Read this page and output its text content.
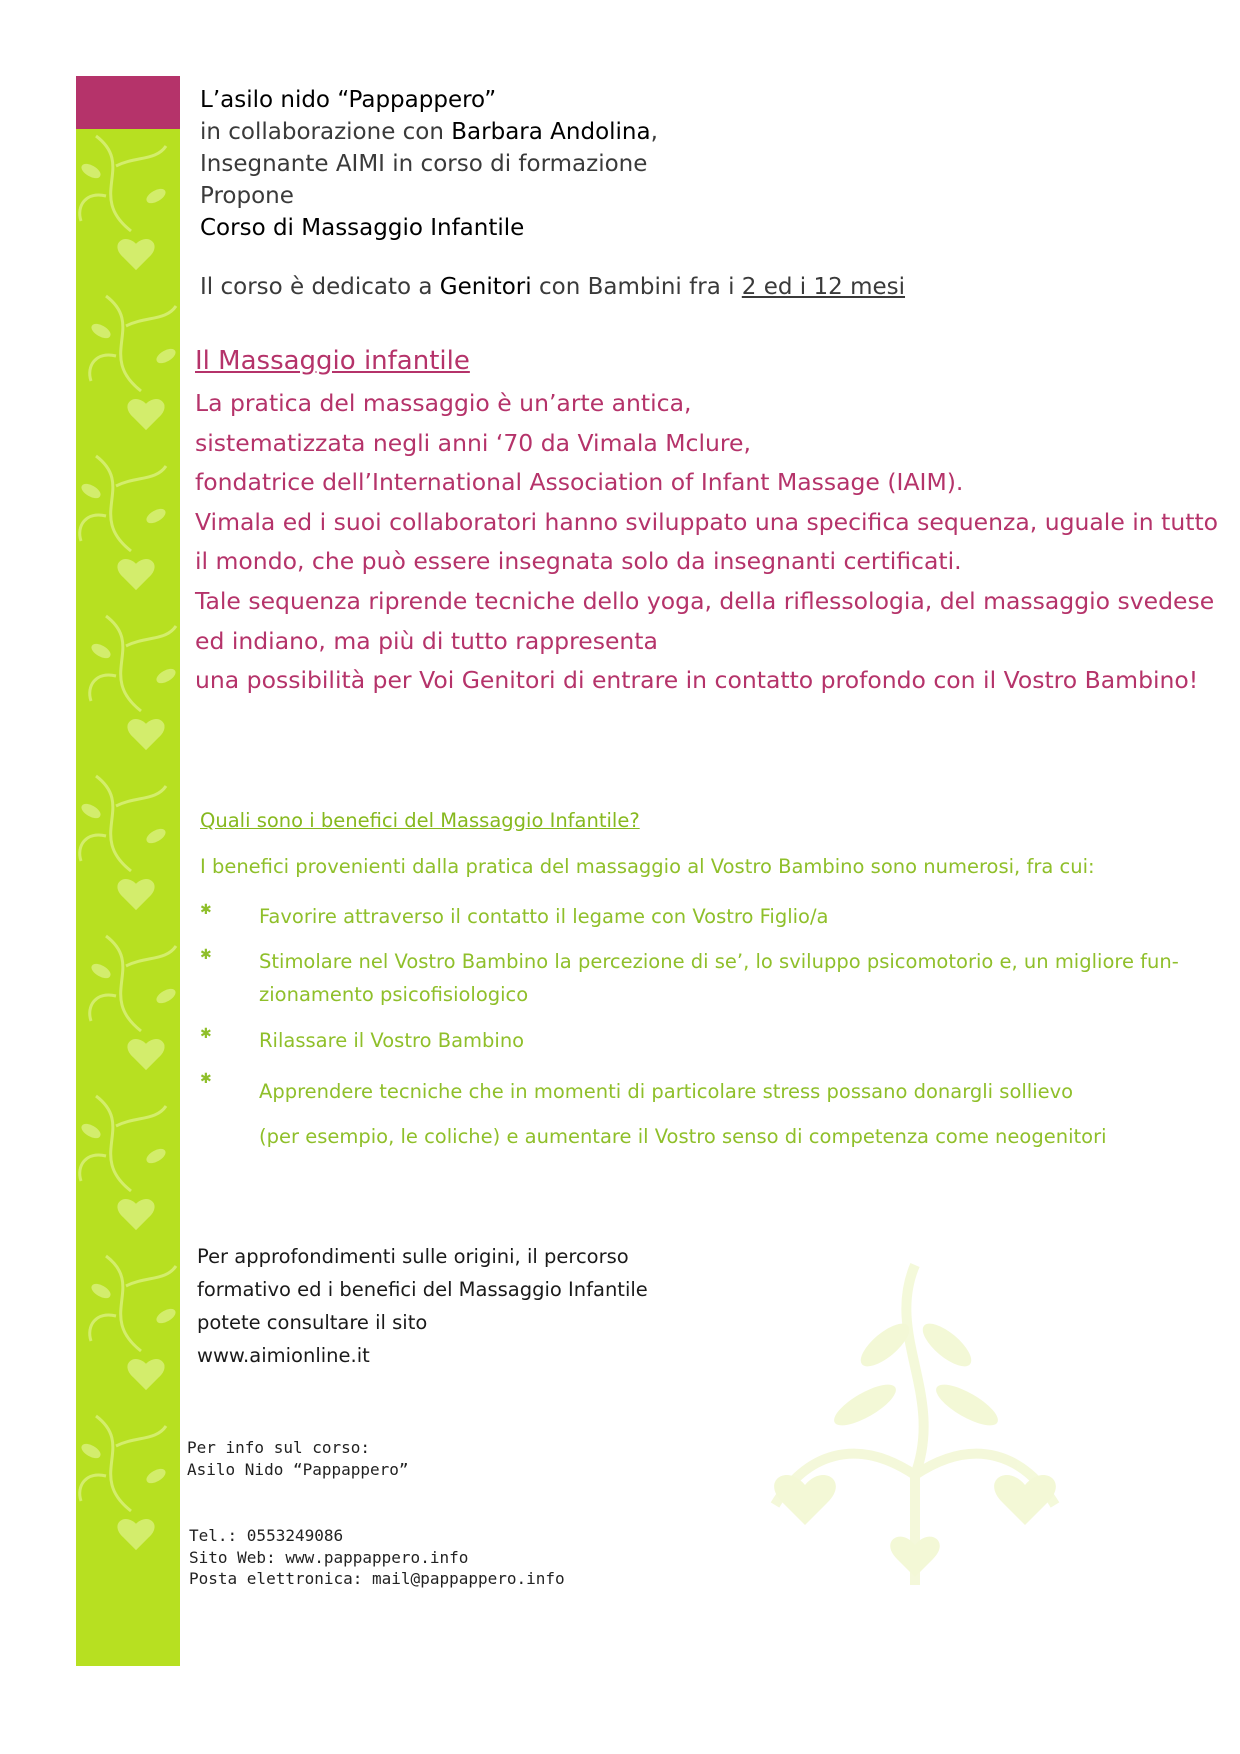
L’asilo nido “Pappappero”
in collaborazione con Barbara Andolina,
Insegnante AIMI in corso di formazione
Propone
Corso di Massaggio Infantile
Il corso è dedicato a Genitori con Bambini fra i 2 ed i 12 mesi
Il Massaggio infantile
La pratica del massaggio è un’arte antica,
sistematizzata negli anni ‘70 da Vimala Mclure,
fondatrice dell’International Association of Infant Massage (IAIM).
Vimala ed i suoi collaboratori hanno sviluppato una specifica sequenza, uguale in tutto
il mondo, che può essere insegnata solo da insegnanti certificati.
Tale sequenza riprende tecniche dello yoga, della riflessologia, del massaggio svedese
ed indiano, ma più di tutto rappresenta
una possibilità per Voi Genitori di entrare in contatto profondo con il Vostro Bambino!
Quali sono i benefici del Massaggio Infantile?
I benefici provenienti dalla pratica del massaggio al Vostro Bambino sono numerosi, fra cui:
✱ Favorire attraverso il contatto il legame con Vostro Figlio/a
✱ Stimolare nel Vostro Bambino la percezione di se’, lo sviluppo psicomotorio e, un migliore fun-
zionamento psicofisiologico
✱ Rilassare il Vostro Bambino
✱
Apprendere tecniche che in momenti di particolare stress possano donargli sollievo
(per esempio, le coliche) e aumentare il Vostro senso di competenza come neogenitori
Per approfondimenti sulle origini, il percorso
formativo ed i benefici del Massaggio Infantile
potete consultare il sito
www.aimionline.it
Per info sul corso:
Asilo Nido “Pappappero”
Tel.: 0553249086
Sito Web: www.pappappero.info
Posta elettronica: mail@pappappero.info
